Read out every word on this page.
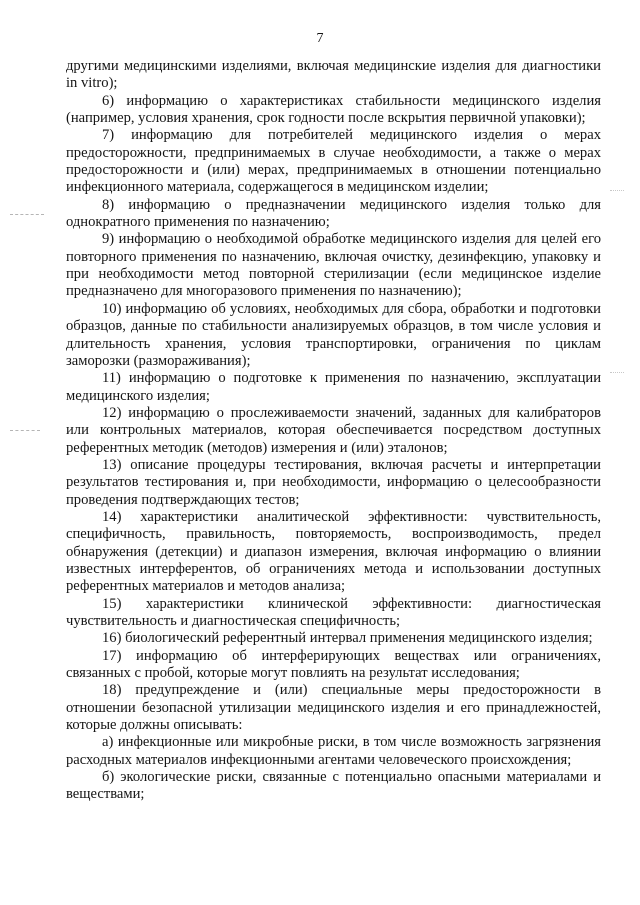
7

другими медицинскими изделиями, включая медицинские изделия для диагностики in vitro);

6) информацию о характеристиках стабильности медицинского изделия (например, условия хранения, срок годности после вскрытия первичной упаковки);

7) информацию для потребителей медицинского изделия о мерах предосторожности, предпринимаемых в случае необходимости, а также о мерах предосторожности и (или) мерах, предпринимаемых в отношении потенциально инфекционного материала, содержащегося в медицинском изделии;

8) информацию о предназначении медицинского изделия только для однократного применения по назначению;

9) информацию о необходимой обработке медицинского изделия для целей его повторного применения по назначению, включая очистку, дезинфекцию, упаковку и при необходимости метод повторной стерилизации (если медицинское изделие предназначено для многоразового применения по назначению);

10) информацию об условиях, необходимых для сбора, обработки и подготовки образцов, данные по стабильности анализируемых образцов, в том числе условия и длительность хранения, условия транспортировки, ограничения по циклам заморозки (размораживания);

11) информацию о подготовке к применения по назначению, эксплуатации медицинского изделия;

12) информацию о прослеживаемости значений, заданных для калибраторов или контрольных материалов, которая обеспечивается посредством доступных референтных методик (методов) измерения и (или) эталонов;

13) описание процедуры тестирования, включая расчеты и интерпретации результатов тестирования и, при необходимости, информацию о целесообразности проведения подтверждающих тестов;

14) характеристики аналитической эффективности: чувствительность, специфичность, правильность, повторяемость, воспроизводимость, предел обнаружения (детекции) и диапазон измерения, включая информацию о влиянии известных интерферентов, об ограничениях метода и использовании доступных референтных материалов и методов анализа;

15) характеристики клинической эффективности: диагностическая чувствительность и диагностическая специфичность;

16) биологический референтный интервал применения медицинского изделия;

17) информацию об интерферирующих веществах или ограничениях, связанных с пробой, которые могут повлиять на результат исследования;

18) предупреждение и (или) специальные меры предосторожности в отношении безопасной утилизации медицинского изделия и его принадлежностей, которые должны описывать:

а) инфекционные или микробные риски, в том числе возможность загрязнения расходных материалов инфекционными агентами человеческого происхождения;

б) экологические риски, связанные с потенциально опасными материалами и веществами;
